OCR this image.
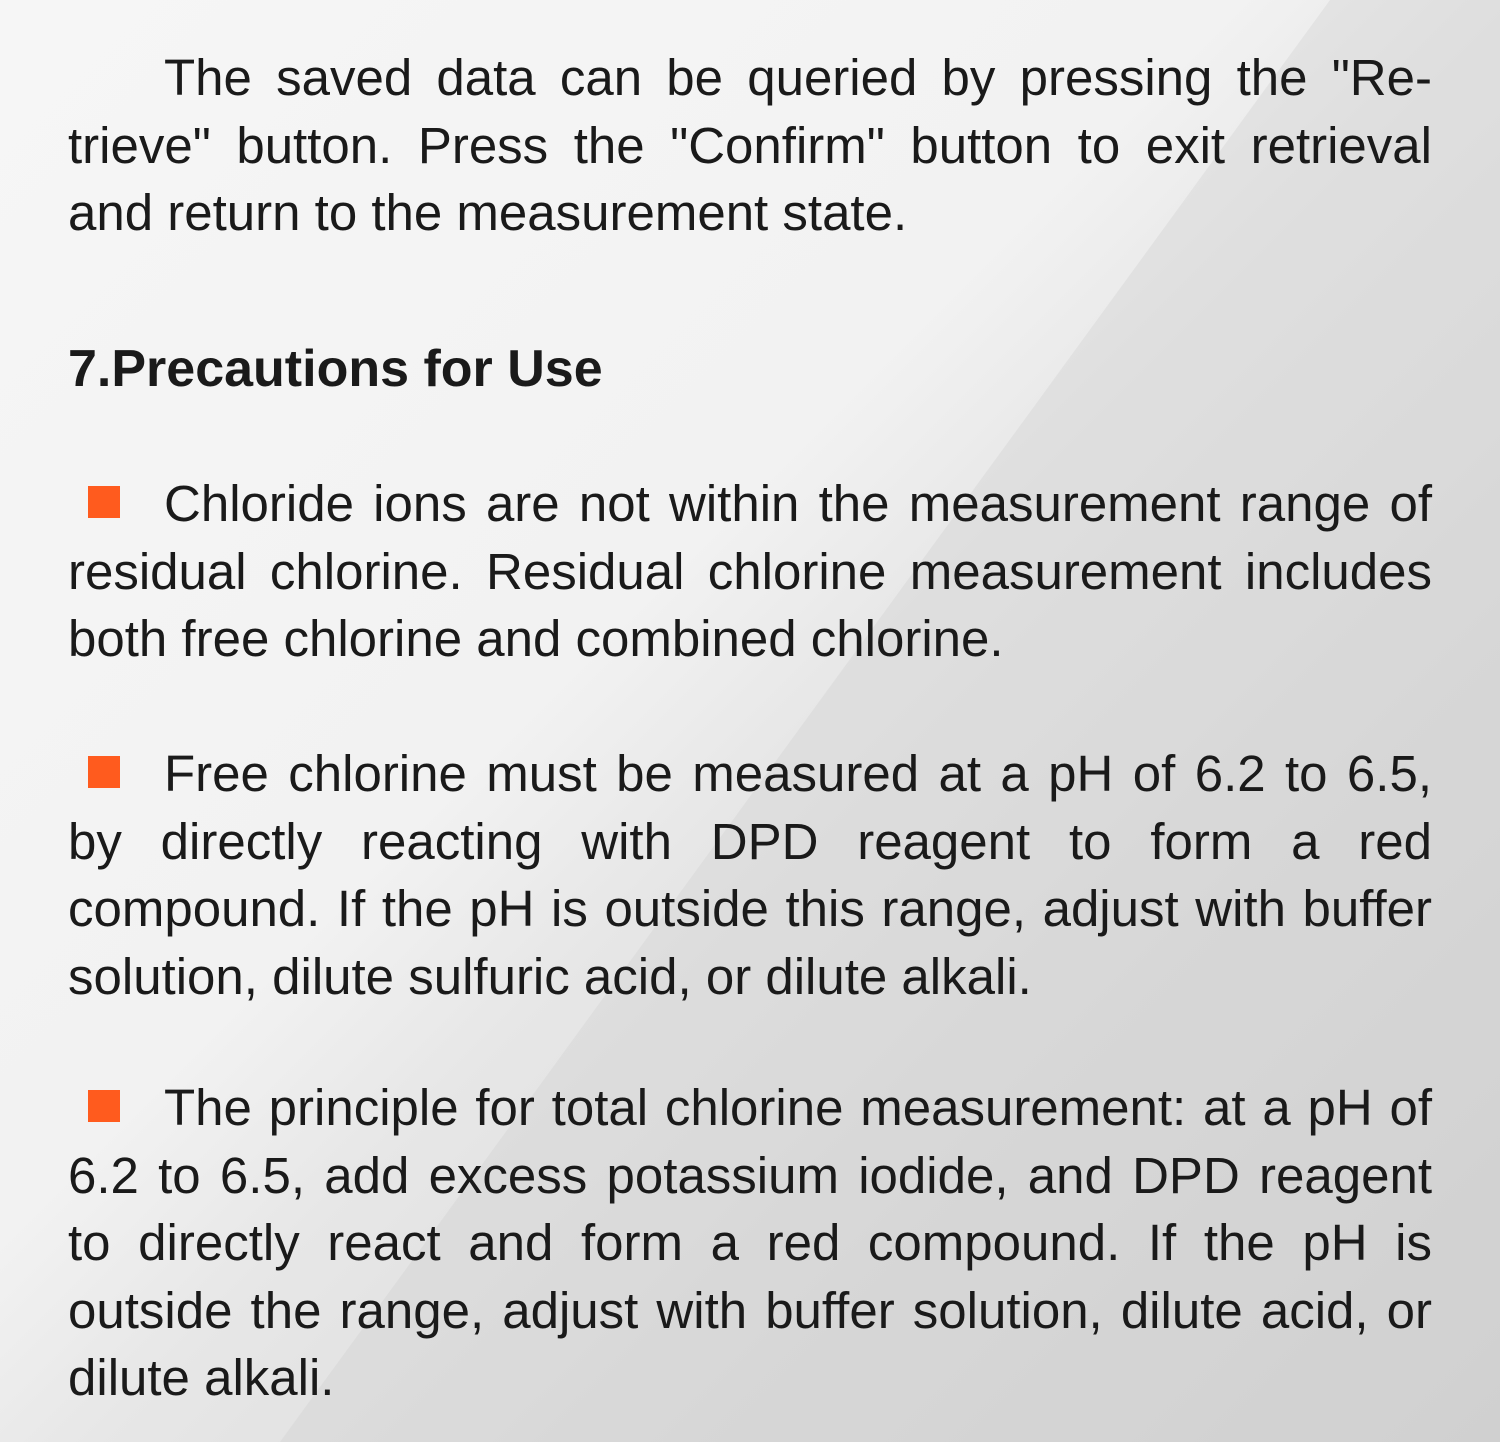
The saved data can be queried by pressing the "Retrieve" button. Press the "Confirm" button to exit retrieval and return to the measurement state.

7.Precautions for Use

Chloride ions are not within the measurement range of residual chlorine. Residual chlorine measurement includes both free chlorine and combined chlorine.

Free chlorine must be measured at a pH of 6.2 to 6.5, by directly reacting with DPD reagent to form a red compound. If the pH is outside this range, adjust with buffer solution, dilute sulfuric acid, or dilute alkali.

The principle for total chlorine measurement: at a pH of 6.2 to 6.5, add excess potassium iodide, and DPD reagent to directly react and form a red compound. If the pH is outside the range, adjust with buffer solution, dilute acid, or dilute alkali.
